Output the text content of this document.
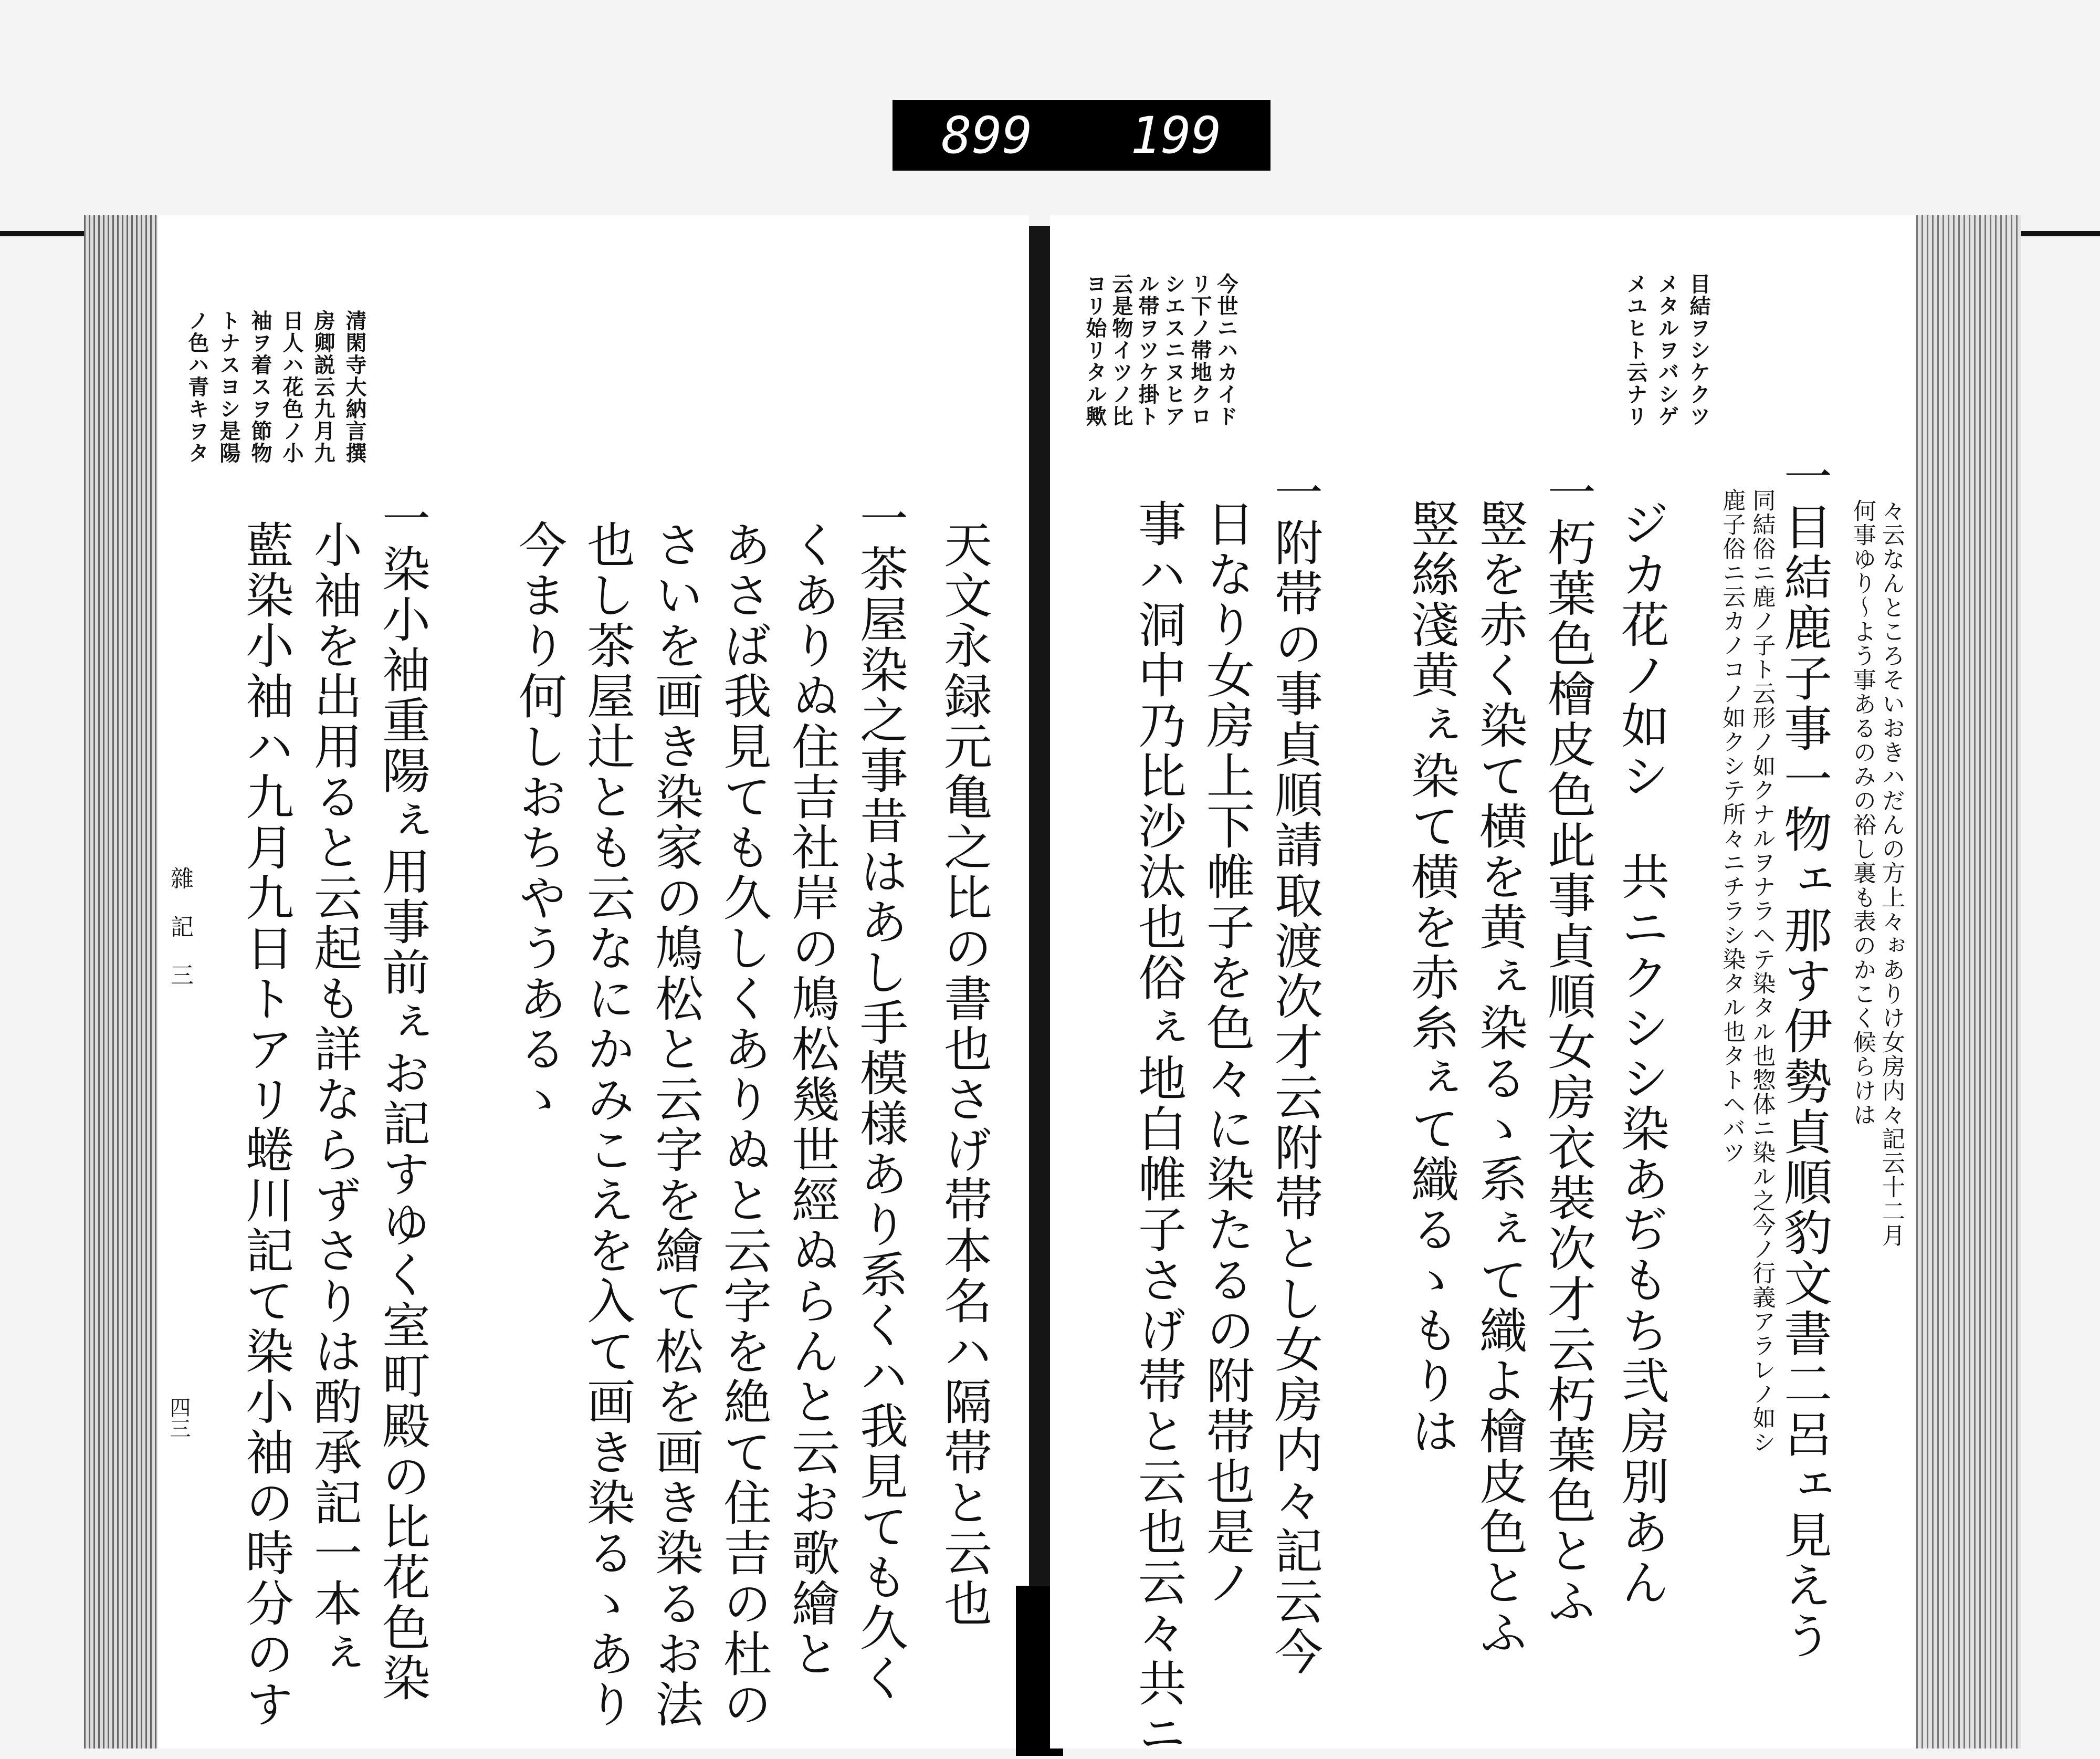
899 199
ノ色ハ青キヲタ トナスヨシ是陽 袖ヲ着スヲ節物 日人ハ花色ノ小 房卿説云九月九 清閑寺大納言撰
雜　記　三
四三	天文永録元亀之比の書也さげ帯本名ハ隔帯と云也
一茶屋染之事昔はあし手模様あり系くハ我見ても久く
くありぬ住吉社岸の鳩松幾世經ぬらんと云お歌繪と
あさば我見ても久しくありぬと云字を絶て住吉の杜の
さいを画き染家の鳩松と云字を繪て松を画き染るお法
也し茶屋辻とも云なにかみこえを入て画き染るゝあり
今まり何しおちやうあるゝ
一染小袖重陽ぇ用事前ぇお記すゆく室町殿の比花色染
小袖を出用ると云起も詳ならずさりは酌承記一本ぇ
藍染小袖ハ九月九日トアリ蜷川記て染小袖の時分のす
メユヒト云ナリ メタルヲバシゲ 目結ヲシケクツ
ヨリ始リタル歟 云是物イツノ比 ル帯ヲツケ掛ト シエスニヌヒア リ下ノ帯地クロ 今世ニハカイド
々云なんところそいおきハだんの方上々ぉありけ女房内々記云十二月
何事ゆり～よう事あるのみの裕し裏も表のかこく候らけは
一目結鹿子事一物ェ那す伊勢貞順豹文書二呂ェ見えう
同結俗ニ鹿ノ子ト云形ノ如クナルヲナラヘテ染タル也惣体ニ染ル之今ノ行義アラレノ如シ　鹿子俗ニ云カノコノ如クシテ所々ニチラシ染タル也タトヘバツ
ジカ花ノ如シ　共ニクシシ染あぢもち弐房別あん
一朽葉色檜皮色此事貞順女房衣裝次才云朽葉色とふ
竪を赤く染て横を黄ぇ染るゝ系ぇて織よ檜皮色とふ
竪絲淺黄ぇ染て横を赤糸ぇて織るゝもりは
一附帯の事貞順請取渡次才云附帯とし女房内々記云今
日なり女房上下帷子を色々に染たるの附帯也是ノ
事ハ洞中乃比沙汰也俗ぇ地白帷子さげ帯と云也云々共ニ
